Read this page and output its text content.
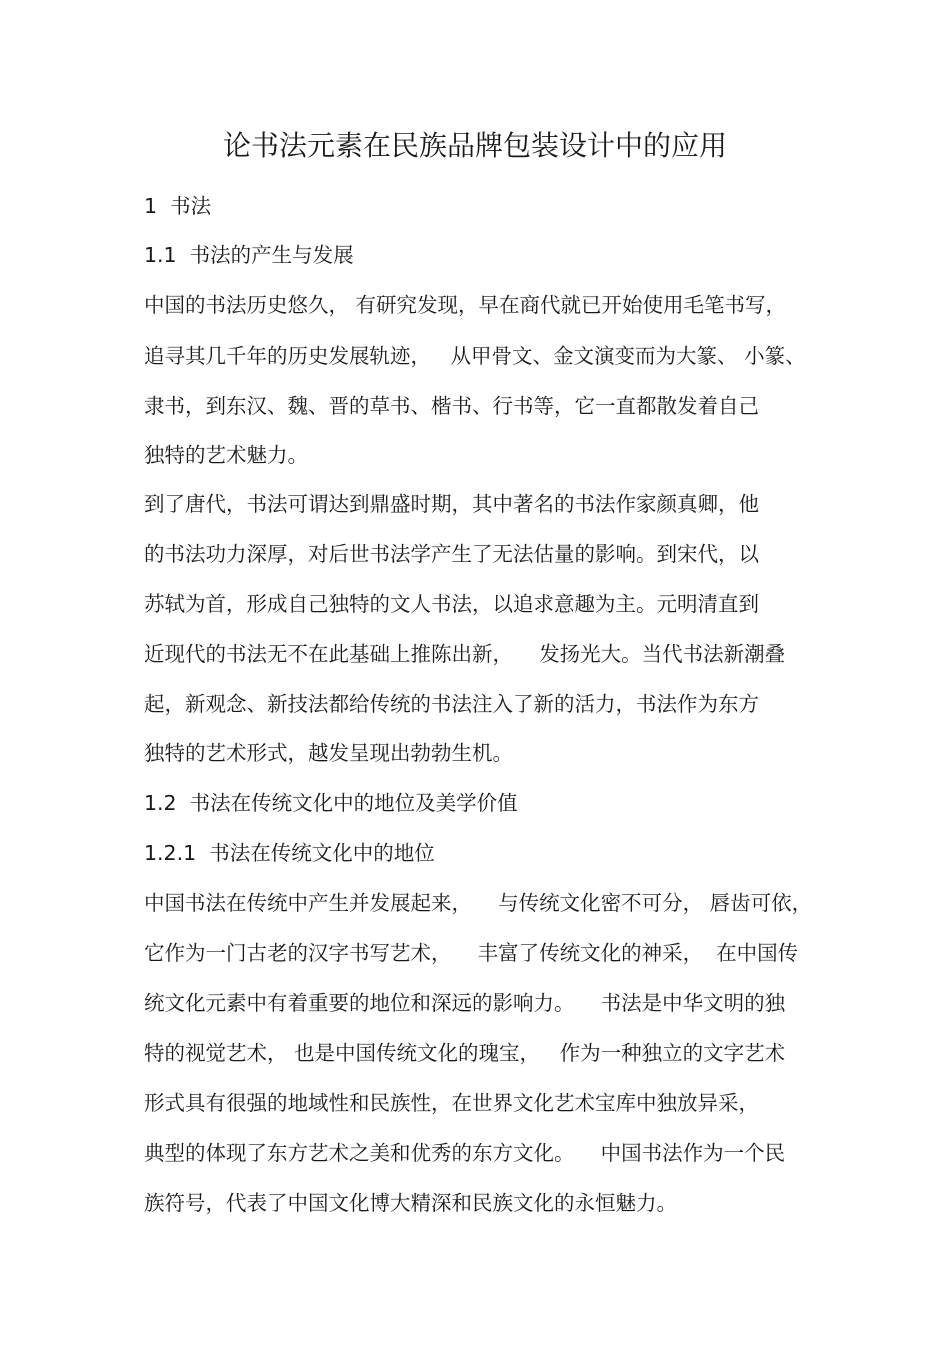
论书法元素在民族品牌包装设计中的应用
1 书法
1.1 书法的产生与发展
中国的书法历史悠久， 有研究发现，早在商代就已开始使用毛笔书写，
追寻其几千年的历史发展轨迹，   从甲骨文、金文演变而为大篆、 小篆、
隶书，到东汉、魏、晋的草书、楷书、行书等，它一直都散发着自己
独特的艺术魅力。
到了唐代，书法可谓达到鼎盛时期，其中著名的书法作家颜真卿，他
的书法功力深厚，对后世书法学产生了无法估量的影响。到宋代，以
苏轼为首，形成自己独特的文人书法，以追求意趣为主。元明清直到
近现代的书法无不在此基础上推陈出新，    发扬光大。当代书法新潮叠
起，新观念、新技法都给传统的书法注入了新的活力，书法作为东方
独特的艺术形式，越发呈现出勃勃生机。
1.2 书法在传统文化中的地位及美学价值
1.2.1 书法在传统文化中的地位
中国书法在传统中产生并发展起来，    与传统文化密不可分， 唇齿可依，
它作为一门古老的汉字书写艺术，    丰富了传统文化的神采，  在中国传
统文化元素中有着重要的地位和深远的影响力。    书法是中华文明的独
特的视觉艺术， 也是中国传统文化的瑰宝，   作为一种独立的文字艺术
形式具有很强的地域性和民族性，在世界文化艺术宝库中独放异采，
典型的体现了东方艺术之美和优秀的东方文化。    中国书法作为一个民
族符号，代表了中国文化博大精深和民族文化的永恒魅力。
